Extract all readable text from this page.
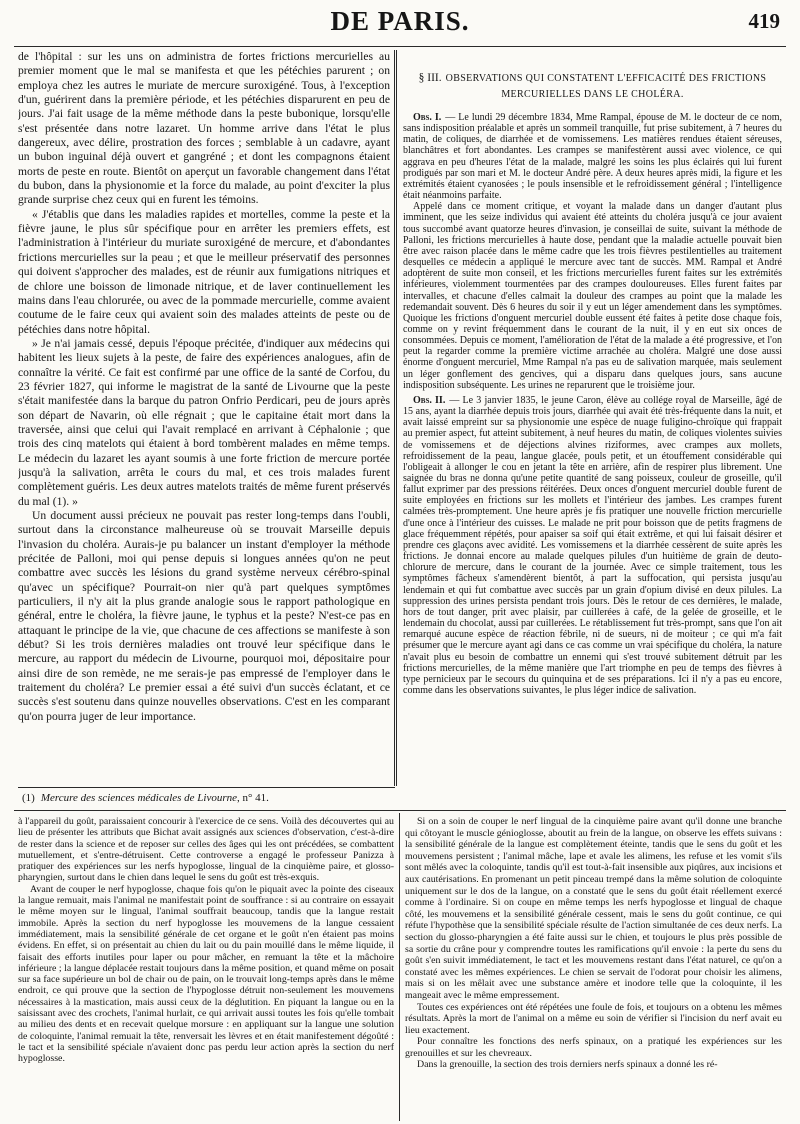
DE PARIS.	419

de l'hôpital : sur les uns on administra de fortes frictions mercurielles au premier moment que le mal se manifesta et que les pétéchies parurent ; on employa chez les autres le muriate de mercure suroxigéné. Tous, à l'exception d'un, guérirent dans la première période, et les pétéchies disparurent en peu de jours. J'ai fait usage de la même méthode dans la peste bubonique, lorsqu'elle s'est présentée dans notre lazaret. Un homme arrive dans l'état le plus dangereux, avec délire, prostration des forces ; semblable à un cadavre, ayant un bubon inguinal déjà ouvert et gangréné ; et dont les compagnons étaient morts de peste en route. Bientôt on aperçut un favorable changement dans l'état du bubon, dans la physionomie et la force du malade, au point d'exciter la plus grande surprise chez ceux qui en furent les témoins.

« J'établis que dans les maladies rapides et mortelles, comme la peste et la fièvre jaune, le plus sûr spécifique pour en arrêter les premiers effets, est l'administration à l'intérieur du muriate suroxigéné de mercure, et d'abondantes frictions mercurielles sur la peau ; et que le meilleur préservatif des personnes qui doivent s'approcher des malades, est de réunir aux fumigations nitriques et de chlore une boisson de limonade nitrique, et de laver continuellement les mains dans l'eau chlorurée, ou avec de la pommade mercurielle, comme avaient coutume de le faire ceux qui avaient soin des malades atteints de peste ou de pétéchies dans notre hôpital.

» Je n'ai jamais cessé, depuis l'époque précitée, d'indiquer aux médecins qui habitent les lieux sujets à la peste, de faire des expériences analogues, afin de connaître la vérité. Ce fait est confirmé par une office de la santé de Corfou, du 23 février 1827, qui informe le magistrat de la santé de Livourne que la peste s'était manifestée dans la barque du patron Onfrio Perdicari, peu de jours après son départ de Navarin, où elle régnait ; que le capitaine était mort dans la traversée, ainsi que celui qui l'avait remplacé en arrivant à Céphalonie ; que trois des cinq matelots qui étaient à bord tombèrent malades en même temps. Le médecin du lazaret les ayant soumis à une forte friction de mercure portée jusqu'à la salivation, arrêta le cours du mal, et ces trois malades furent complètement guéris. Les deux autres matelots traités de même furent préservés du mal (1). »

Un document aussi précieux ne pouvait pas rester long-temps dans l'oubli, surtout dans la circonstance malheureuse où se trouvait Marseille depuis l'invasion du choléra. Aurais-je pu balancer un instant d'employer la méthode précitée de Palloni, moi qui pense depuis si longues années qu'on ne peut combattre avec succès les lésions du grand système nerveux cérébro-spinal qu'avec un spécifique? Pourrait-on nier qu'à part quelques symptômes particuliers, il n'y ait la plus grande analogie sous le rapport pathologique en général, entre le choléra, la fièvre jaune, le typhus et la peste? N'est-ce pas en attaquant le principe de la vie, que chacune de ces affections se manifeste à son début? Si les trois dernières maladies ont trouvé leur spécifique dans le mercure, au rapport du médecin de Livourne, pourquoi moi, dépositaire pour ainsi dire de son remède, ne me serais-je pas empressé de l'employer dans le traitement du choléra? Le premier essai a été suivi d'un succès éclatant, et ce succès s'est soutenu dans quinze nouvelles observations. C'est en les comparant qu'on pourra juger de leur importance.

§ III. OBSERVATIONS QUI CONSTATENT L'EFFICACITÉ DES FRICTIONS
MERCURIELLES DANS LE CHOLÉRA.

Obs. I. — Le lundi 29 décembre 1834, Mme Rampal, épouse de M. le docteur de ce nom, sans indisposition préalable et après un sommeil tranquille, fut prise subitement, à 7 heures du matin, de coliques, de diarrhée et de vomissemens. Les matières rendues étaient séreuses, blanchâtres et fort abondantes. Les crampes se manifestèrent aussi avec violence, ce qui aggrava en peu d'heures l'état de la malade, malgré les soins les plus éclairés qui lui furent prodigués par son mari et M. le docteur André père. A deux heures après midi, la figure et les extrémités étaient cyanosées ; le pouls insensible et le refroidissement général ; l'intelligence était néanmoins parfaite.

Appelé dans ce moment critique, et voyant la malade dans un danger d'autant plus imminent, que les seize individus qui avaient été atteints du choléra jusqu'à ce jour avaient tous succombé avant quatorze heures d'invasion, je conseillai de suite, suivant la méthode de Palloni, les frictions mercurielles à haute dose, pendant que la maladie actuelle pouvait bien être avec raison placée dans le même cadre que les trois fièvres pestilentielles au traitement desquelles ce médecin a appliqué le mercure avec tant de succès. MM. Rampal et André adoptèrent de suite mon conseil, et les frictions mercurielles furent faites sur les extrémités inférieures, violemment tourmentées par des crampes douloureuses. Elles furent faites par intervalles, et chacune d'elles calmait la douleur des crampes au point que la malade les redemandait souvent. Dès 6 heures du soir il y eut un léger amendement dans les symptômes. Quoique les frictions d'onguent mercuriel double eussent été faites à petite dose chaque fois, comme on y revint fréquemment dans le courant de la nuit, il y en eut six onces de consommées. Depuis ce moment, l'amélioration de l'état de la malade a été progressive, et l'on peut la regarder comme la première victime arrachée au choléra. Malgré une dose aussi énorme d'onguent mercuriel, Mme Rampal n'a pas eu de salivation marquée, mais seulement un léger gonflement des gencives, qui a disparu dans quelques jours, sans aucune indisposition subséquente. Les urines ne reparurent que le troisième jour.

Obs. II. — Le 3 janvier 1835, le jeune Caron, élève au collége royal de Marseille, âgé de 15 ans, ayant la diarrhée depuis trois jours, diarrhée qui avait été très-fréquente dans la nuit, et avait laissé empreint sur sa physionomie une espèce de nuage fuligino-chroïque qui frappait au premier aspect, fut atteint subitement, à neuf heures du matin, de coliques violentes suivies de vomissemens et de déjections alvines riziformes, avec crampes aux mollets, refroidissement de la peau, langue glacée, pouls petit, et un étouffement considérable qui l'obligeait à allonger le cou en jetant la tête en arrière, afin de respirer plus librement. Une saignée du bras ne donna qu'une petite quantité de sang poisseux, couleur de groseille, qu'il fallut exprimer par des pressions réitérées. Deux onces d'onguent mercuriel double furent de suite employées en frictions sur les mollets et l'intérieur des jambes. Les crampes furent calmées très-promptement. Une heure après je fis pratiquer une nouvelle friction mercurielle d'une once à l'intérieur des cuisses. Le malade ne prit pour boisson que de petits fragmens de glace fréquemment répétés, pour apaiser sa soif qui était extrême, et qui lui faisait désirer et prendre ces glaçons avec avidité. Les vomissemens et la diarrhée cessèrent de suite après les frictions. Je donnai encore au malade quelques pilules d'un huitième de grain de deuto-chlorure de mercure, dans le courant de la journée. Avec ce simple traitement, tous les symptômes fâcheux s'amendèrent bientôt, à part la suffocation, qui persista jusqu'au lendemain et qui fut combattue avec succès par un grain d'opium divisé en deux pilules. La suppression des urines persista pendant trois jours. Dès le retour de ces dernières, le malade, hors de tout danger, prit avec plaisir, par cuillerées à café, de la gelée de groseille, et le lendemain du chocolat, aussi par cuillerées. Le rétablissement fut très-prompt, sans que l'on ait remarqué aucune espèce de réaction fébrile, ni de sueurs, ni de moiteur ; ce qui m'a fait présumer que le mercure ayant agi dans ce cas comme un vrai spécifique du choléra, la nature n'avait plus eu besoin de combattre un ennemi qui s'est trouvé subitement détruit par les frictions mercurielles, de la même manière que l'art triomphe en peu de temps des fièvres à type pernicieux par le secours du quinquina et de ses préparations. Ici il n'y a pas eu encore, comme dans les observations suivantes, le plus léger indice de salivation.

(1) Mercure des sciences médicales de Livourne, n° 41.

à l'appareil du goût, paraissaient concourir à l'exercice de ce sens. Voilà des découvertes qui au lieu de présenter les attributs que Bichat avait assignés aux sciences d'observation, c'est-à-dire de rester dans la science et de reposer sur celles des âges qui les ont précédées, se combattent mutuellement, et s'entre-détruisent. Cette controverse a engagé le professeur Panizza à pratiquer des expériences sur les nerfs hypoglosse, lingual de la cinquième paire, et glosso-pharyngien, surtout dans le chien dans lequel le sens du goût est très-exquis.

Avant de couper le nerf hypoglosse, chaque fois qu'on le piquait avec la pointe des ciseaux la langue remuait, mais l'animal ne manifestait point de souffrance : si au contraire on essayait le même moyen sur le lingual, l'animal souffrait beaucoup, tandis que la langue restait immobile. Après la section du nerf hypoglosse les mouvemens de la langue cessaient immédiatement, mais la sensibilité générale de cet organe et le goût n'en étaient pas moins évidens. En effet, si on présentait au chien du lait ou du pain mouillé dans le même liquide, il faisait des efforts inutiles pour laper ou pour mâcher, en remuant la tête et la mâchoire inférieure ; la langue déplacée restait toujours dans la même position, et quand même on posait sur sa face supérieure un bol de chair ou de pain, on le trouvait long-temps après dans le même endroit, ce qui prouve que la section de l'hypoglosse détruit non-seulement les mouvemens nécessaires à la mastication, mais aussi ceux de la déglutition. En piquant la langue ou en la saisissant avec des crochets, l'animal hurlait, ce qui arrivait aussi toutes les fois qu'elle tombait au milieu des dents et en recevait quelque morsure : en appliquant sur la langue une solution de coloquinte, l'animal remuait la tête, renversait les lèvres et en était manifestement dégoûté : le tact et la sensibilité spéciale n'avaient donc pas perdu leur action après la section du nerf hypoglosse.

Si on a soin de couper le nerf lingual de la cinquième paire avant qu'il donne une branche qui côtoyant le muscle génioglosse, aboutit au frein de la langue, on observe les effets suivans : la sensibilité générale de la langue est complètement éteinte, tandis que le sens du goût et les mouvemens persistent ; l'animal mâche, lape et avale les alimens, les refuse et les vomit s'ils sont mêlés avec la coloquinte, tandis qu'il est tout-à-fait insensible aux piqûres, aux incisions et aux cautérisations. En promenant un petit pinceau trempé dans la même solution de coloquinte uniquement sur le dos de la langue, on a constaté que le sens du goût était réellement exercé comme à l'ordinaire. Si on coupe en même temps les nerfs hypoglosse et lingual de chaque côté, les mouvemens et la sensibilité générale cessent, mais le sens du goût continue, ce qui réfute l'hypothèse que la sensibilité spéciale résulte de l'action simultanée de ces deux nerfs. La section du glosso-pharyngien a été faite aussi sur le chien, et toujours le plus près possible de sa sortie du crâne pour y comprendre toutes les ramifications qu'il envoie : la perte du sens du goût s'en suivit immédiatement, le tact et les mouvemens restant dans l'état naturel, ce qu'on a constaté avec les mêmes expériences. Le chien se servait de l'odorat pour choisir les alimens, mais si on les mêlait avec une substance amère et inodore telle que la coloquinte, il les mangeait avec le même empressement.

Toutes ces expériences ont été répétées une foule de fois, et toujours on a obtenu les mêmes résultats. Après la mort de l'animal on a même eu soin de vérifier si l'incision du nerf avait eu lieu exactement.

Pour connaître les fonctions des nerfs spinaux, on a pratiqué les expériences sur les grenouilles et sur les chevreaux.

Dans la grenouille, la section des trois derniers nerfs spinaux a donné les ré-
